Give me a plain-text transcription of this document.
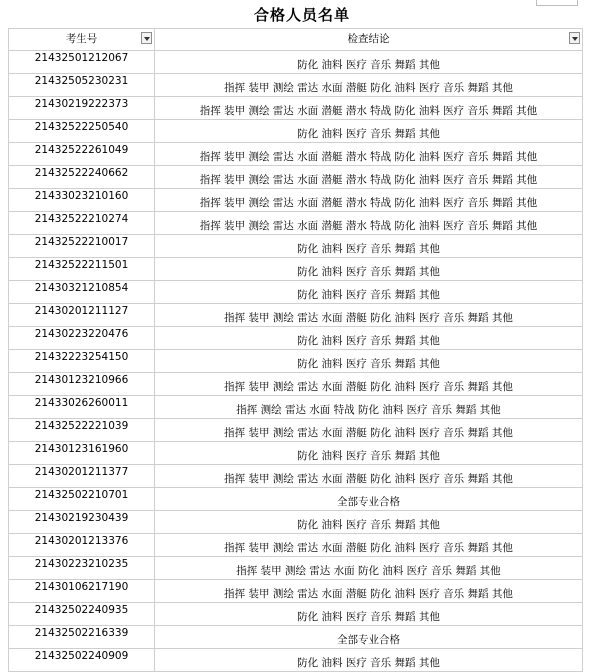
合格人员名单
考生号	检查结论

21432501212067	防化 油料 医疗 音乐 舞蹈 其他
21432505230231	指挥 装甲 测绘 雷达 水面 潜艇 防化 油料 医疗 音乐 舞蹈 其他
21430219222373	指挥 装甲 测绘 雷达 水面 潜艇 潜水 特战 防化 油料 医疗 音乐 舞蹈 其他
21432522250540	防化 油料 医疗 音乐 舞蹈 其他
21432522261049	指挥 装甲 测绘 雷达 水面 潜艇 潜水 特战 防化 油料 医疗 音乐 舞蹈 其他
21432522240662	指挥 装甲 测绘 雷达 水面 潜艇 潜水 特战 防化 油料 医疗 音乐 舞蹈 其他
21433023210160	指挥 装甲 测绘 雷达 水面 潜艇 潜水 特战 防化 油料 医疗 音乐 舞蹈 其他
21432522210274	指挥 装甲 测绘 雷达 水面 潜艇 潜水 特战 防化 油料 医疗 音乐 舞蹈 其他
21432522210017	防化 油料 医疗 音乐 舞蹈 其他
21432522211501	防化 油料 医疗 音乐 舞蹈 其他
21430321210854	防化 油料 医疗 音乐 舞蹈 其他
21430201211127	指挥 装甲 测绘 雷达 水面 潜艇 防化 油料 医疗 音乐 舞蹈 其他
21430223220476	防化 油料 医疗 音乐 舞蹈 其他
21432223254150	防化 油料 医疗 音乐 舞蹈 其他
21430123210966	指挥 装甲 测绘 雷达 水面 潜艇 防化 油料 医疗 音乐 舞蹈 其他
21433026260011	指挥 测绘 雷达 水面 特战 防化 油料 医疗 音乐 舞蹈 其他
21432522221039	指挥 装甲 测绘 雷达 水面 潜艇 防化 油料 医疗 音乐 舞蹈 其他
21430123161960	防化 油料 医疗 音乐 舞蹈 其他
21430201211377	指挥 装甲 测绘 雷达 水面 潜艇 防化 油料 医疗 音乐 舞蹈 其他
21432502210701	全部专业合格
21430219230439	防化 油料 医疗 音乐 舞蹈 其他
21430201213376	指挥 装甲 测绘 雷达 水面 潜艇 防化 油料 医疗 音乐 舞蹈 其他
21430223210235	指挥 装甲 测绘 雷达 水面 防化 油料 医疗 音乐 舞蹈 其他
21430106217190	指挥 装甲 测绘 雷达 水面 潜艇 防化 油料 医疗 音乐 舞蹈 其他
21432502240935	防化 油料 医疗 音乐 舞蹈 其他
21432502216339	全部专业合格
21432502240909	防化 油料 医疗 音乐 舞蹈 其他
